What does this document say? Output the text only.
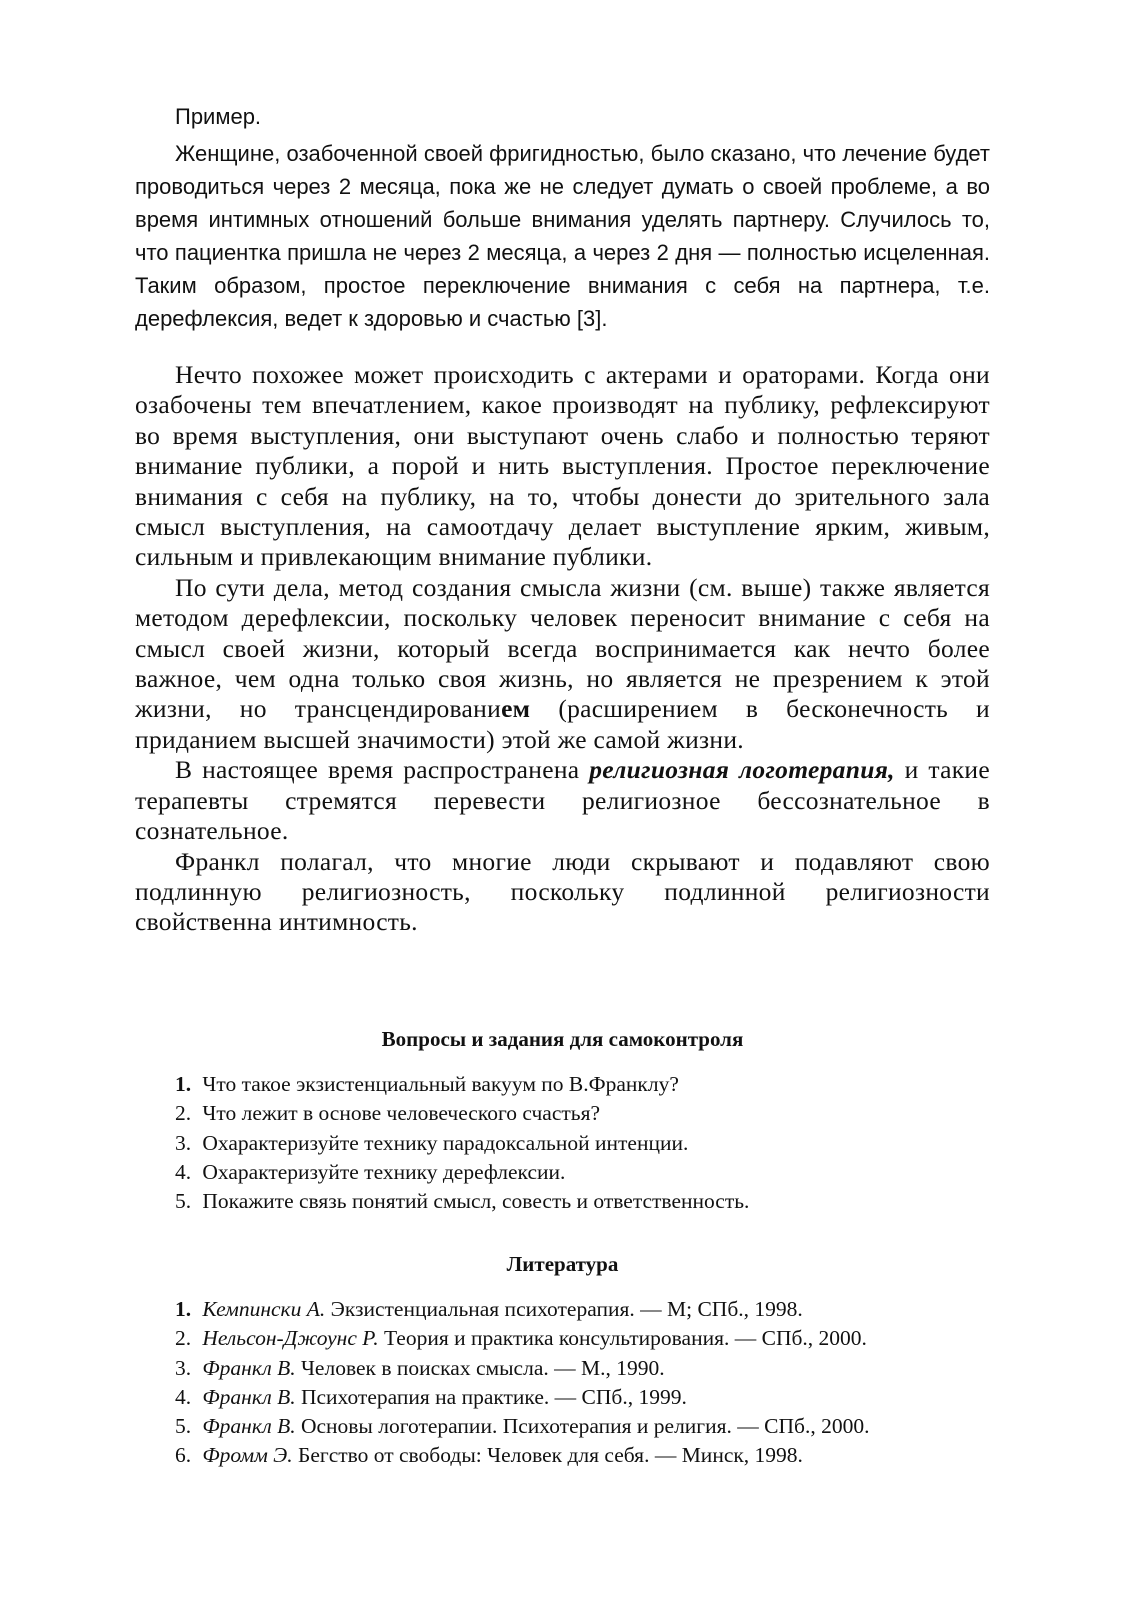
Пример.

Женщине, озабоченной своей фригидностью, было сказано, что лечение будет проводиться через 2 месяца, пока же не следует думать о своей проблеме, а во время интимных отношений больше внимания уделять партнеру. Случилось то, что пациентка пришла не через 2 месяца, а через 2 дня — полностью исцеленная. Таким образом, простое переключение внимания с себя на партнера, т.е. дерефлексия, ведет к здоровью и счастью [3].

Нечто похожее может происходить с актерами и ораторами. Когда они озабочены тем впечатлением, какое производят на публику, рефлексируют во время выступления, они выступают очень слабо и полностью теряют внимание публики, а порой и нить выступления. Простое переключение внимания с себя на публику, на то, чтобы донести до зрительного зала смысл выступления, на самоотдачу делает выступление ярким, живым, сильным и привлекающим внимание публики.

По сути дела, метод создания смысла жизни (см. выше) также является методом дерефлексии, поскольку человек переносит внимание с себя на смысл своей жизни, который всегда воспринимается как нечто более важное, чем одна только своя жизнь, но является не презрением к этой жизни, но трансцендированием (расширением в бесконечность и приданием высшей значимости) этой же самой жизни.

В настоящее время распространена религиозная логотерапия, и такие терапевты стремятся перевести религиозное бессознательное в сознательное.

Франкл полагал, что многие люди скрывают и подавляют свою подлинную религиозность, поскольку подлинной религиозности свойственна интимность.

Вопросы и задания для самоконтроля
1. Что такое экзистенциальный вакуум по В.Франклу?
2. Что лежит в основе человеческого счастья?
3. Охарактеризуйте технику парадоксальной интенции.
4. Охарактеризуйте технику дерефлексии.
5. Покажите связь понятий смысл, совесть и ответственность.
Литература
1. Кемпински А. Экзистенциальная психотерапия. — М; СПб., 1998.
2. Нельсон-Джоунс Р. Теория и практика консультирования. — СПб., 2000.
3. Франкл В. Человек в поисках смысла. — М., 1990.
4. Франкл В. Психотерапия на практике. — СПб., 1999.
5. Франкл В. Основы логотерапии. Психотерапия и религия. — СПб., 2000.
6. Фромм Э. Бегство от свободы: Человек для себя. — Минск, 1998.
